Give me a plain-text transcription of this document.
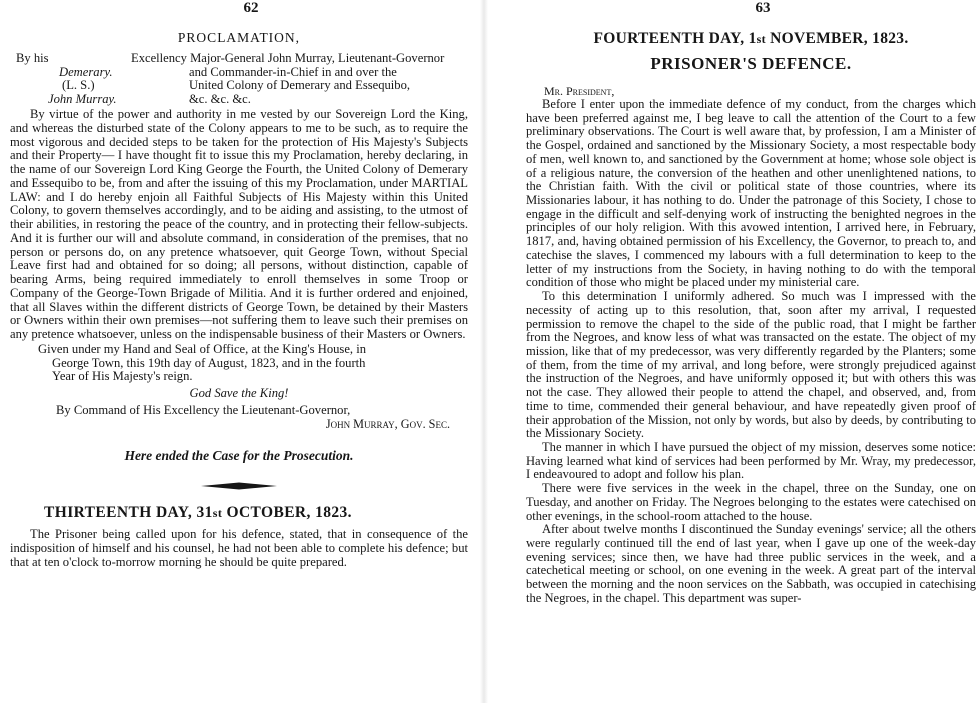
62
PROCLAMATION,
By his
Demerary.
(L. S.)
John Murray.
Excellency Major-General John Murray, Lieutenant-Governor
and Commander-in-Chief in and over the
United Colony of Demerary and Essequibo,
&c. &c. &c.
By virtue of the power and authority in me vested by our Sovereign Lord the King, and whereas the disturbed state of the Colony appears to me to be such, as to require the most vigorous and decided steps to be taken for the protection of His Majesty's Subjects and their Property— I have thought fit to issue this my Proclamation, hereby declaring, in the name of our Sovereign Lord King George the Fourth, the United Colony of Demerary and Essequibo to be, from and after the issuing of this my Proclamation, under MARTIAL LAW: and I do hereby enjoin all Faithful Subjects of His Majesty within this United Colony, to govern themselves accordingly, and to be aiding and assisting, to the utmost of their abilities, in restoring the peace of the country, and in protecting their fellow-subjects. And it is further our will and absolute command, in consideration of the premises, that no person or persons do, on any pretence whatsoever, quit George Town, without Special Leave first had and obtained for so doing; all persons, without distinction, capable of bearing Arms, being required immediately to enroll themselves in some Troop or Company of the George-Town Brigade of Militia. And it is further ordered and enjoined, that all Slaves within the different districts of George Town, be detained by their Masters or Owners within their own premises—not suffering them to leave such their premises on any pretence whatsoever, unless on the indispensable business of their Masters or Owners.
Given under my Hand and Seal of Office, at the King's House, in
George Town, this 19th day of August, 1823, and in the fourth
Year of His Majesty's reign.
God Save the King!
By Command of His Excellency the Lieutenant-Governor,
John Murray, Gov. Sec.
Here ended the Case for the Prosecution.
THIRTEENTH DAY, 31st OCTOBER, 1823.
The Prisoner being called upon for his defence, stated, that in consequence of the indisposition of himself and his counsel, he had not been able to complete his defence; but that at ten o'clock to-morrow morning he should be quite prepared.
63
FOURTEENTH DAY, 1st NOVEMBER, 1823.
PRISONER'S DEFENCE.
Mr. President,

Before I enter upon the immediate defence of my conduct, from the charges which have been preferred against me, I beg leave to call the attention of the Court to a few preliminary observations. The Court is well aware that, by profession, I am a Minister of the Gospel, ordained and sanctioned by the Missionary Society, a most respectable body of men, well known to, and sanctioned by the Government at home; whose sole object is of a religious nature, the conversion of the heathen and other unenlightened nations, to the Christian faith. With the civil or political state of those countries, where its Missionaries labour, it has nothing to do. Under the patronage of this Society, I chose to engage in the difficult and self-denying work of instructing the benighted negroes in the principles of our holy religion. With this avowed intention, I arrived here, in February, 1817, and, having obtained permission of his Excellency, the Governor, to preach to, and catechise the slaves, I commenced my labours with a full determination to keep to the letter of my instructions from the Society, in having nothing to do with the temporal condition of those who might be placed under my ministerial care.

To this determination I uniformly adhered. So much was I impressed with the necessity of acting up to this resolution, that, soon after my arrival, I requested permission to remove the chapel to the side of the public road, that I might be farther from the Negroes, and know less of what was transacted on the estate. The object of my mission, like that of my predecessor, was very differently regarded by the Planters; some of them, from the time of my arrival, and long before, were strongly prejudiced against the instruction of the Negroes, and have uniformly opposed it; but with others this was not the case. They allowed their people to attend the chapel, and observed, and, from time to time, commended their general behaviour, and have repeatedly given proof of their approbation of the Mission, not only by words, but also by deeds, by contributing to the Missionary Society.

The manner in which I have pursued the object of my mission, deserves some notice: Having learned what kind of services had been performed by Mr. Wray, my predecessor, I endeavoured to adopt and follow his plan.

There were five services in the week in the chapel, three on the Sunday, one on Tuesday, and another on Friday. The Negroes belonging to the estates were catechised on other evenings, in the school-room attached to the house.

After about twelve months I discontinued the Sunday evenings' service; all the others were regularly continued till the end of last year, when I gave up one of the week-day evening services; since then, we have had three public services in the week, and a catechetical meeting or school, on one evening in the week. A great part of the interval between the morning and the noon services on the Sabbath, was occupied in catechising the Negroes, in the chapel. This department was super-
